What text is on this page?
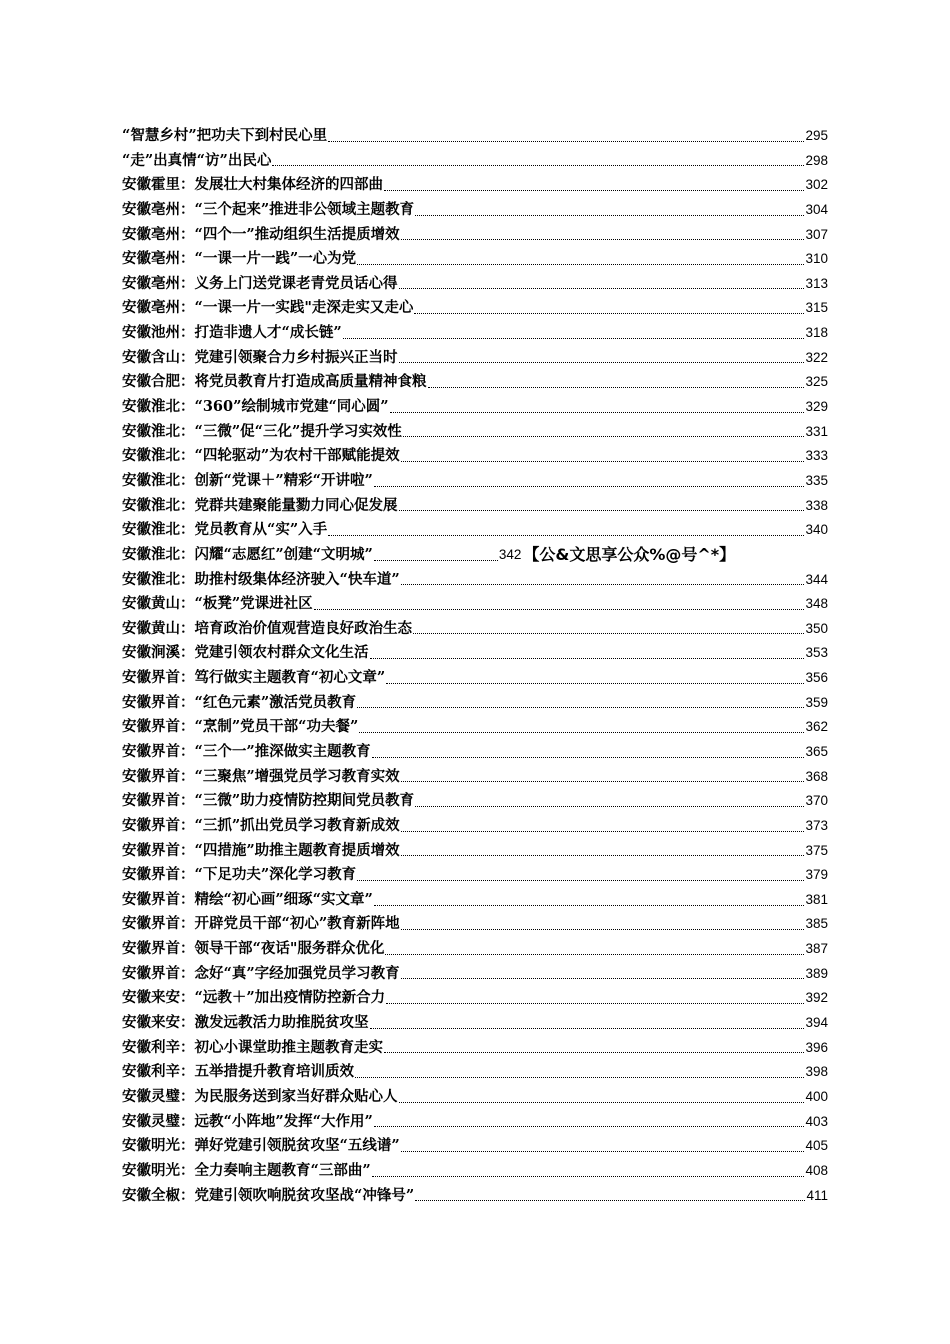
“智慧乡村”把功夫下到村民心里	295
“走”出真情“访”出民心	298
安徽霍里：发展壮大村集体经济的四部曲	302
安徽亳州：“三个起来”推进非公领域主题教育	304
安徽亳州：“四个一”推动组织生活提质增效	307
安徽亳州：“一课一片一践”一心为党	310
安徽亳州：义务上门送党课老青党员话心得	313
安徽亳州：“一课一片一实践"走深走实又走心	315
安徽池州：打造非遗人才“成长链”	318
安徽含山：党建引领聚合力乡村振兴正当时	322
安徽合肥：将党员教育片打造成高质量精神食粮	325
安徽淮北：“360”绘制城市党建“同心圆”	329
安徽淮北：“三微”促“三化”提升学习实效性	331
安徽淮北：“四轮驱动”为农村干部赋能提效	333
安徽淮北：创新“党课＋”精彩“开讲啦”	335
安徽淮北：党群共建聚能量勠力同心促发展	338
安徽淮北：党员教育从“实”入手	340
安徽淮北：闪耀“志愿红”创建“文明城”	342 【公&文思享公众%@号^*】
安徽淮北：助推村级集体经济驶入“快车道”	344
安徽黄山：“板凳”党课进社区	348
安徽黄山：培育政治价值观营造良好政治生态	350
安徽涧溪：党建引领农村群众文化生活	353
安徽界首：笃行做实主题教育“初心文章”	356
安徽界首：“红色元素”激活党员教育	359
安徽界首：“烹制”党员干部“功夫餐”	362
安徽界首：“三个一”推深做实主题教育	365
安徽界首：“三聚焦”增强党员学习教育实效	368
安徽界首：“三微”助力疫情防控期间党员教育	370
安徽界首：“三抓”抓出党员学习教育新成效	373
安徽界首：“四措施”助推主题教育提质增效	375
安徽界首：“下足功夫”深化学习教育	379
安徽界首：精绘“初心画”细琢“实文章”	381
安徽界首：开辟党员干部“初心”教育新阵地	385
安徽界首：领导干部“夜话"服务群众优化	387
安徽界首：念好“真”字经加强党员学习教育	389
安徽来安：“远教＋”加出疫情防控新合力	392
安徽来安：激发远教活力助推脱贫攻坚	394
安徽利辛：初心小课堂助推主题教育走实	396
安徽利辛：五举措提升教育培训质效	398
安徽灵璧：为民服务送到家当好群众贴心人	400
安徽灵璧：远教“小阵地”发挥“大作用”	403
安徽明光：弹好党建引领脱贫攻坚“五线谱”	405
安徽明光：全力奏响主题教育“三部曲”	408
安徽全椒：党建引领吹响脱贫攻坚战“冲锋号”	411
